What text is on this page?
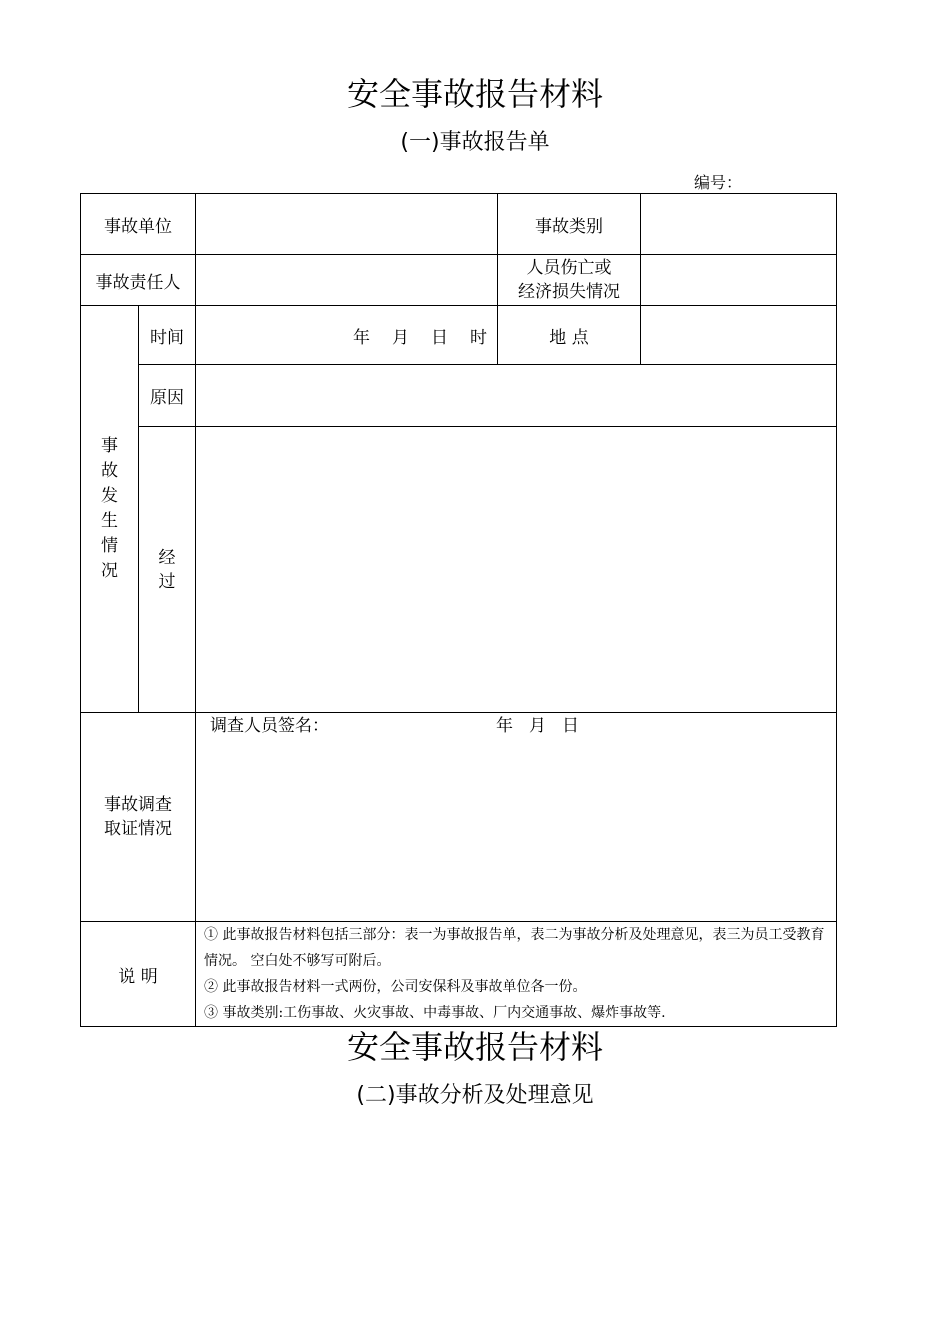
安全事故报告材料
(一)事故报告单
编号：
事故单位			事故类别	
事故责任人			人员伤亡或
经济损失情况	

事故发生情况	时间	年 月 日 时	地 点	
	原因			
	经过			

事故调查
取证情况		调查人员签名： 年 月 日		

说 明		① 此事故报告材料包括三部分：表一为事故报告单，表二为事故分析及处理意见，表三为员工受教育情况。 空白处不够写可附后。

② 此事故报告材料一式两份，公司安保科及事故单位各一份。

③ 事故类别:工伤事故、火灾事故、中毒事故、厂内交通事故、爆炸事故等.		

安全事故报告材料
(二)事故分析及处理意见
